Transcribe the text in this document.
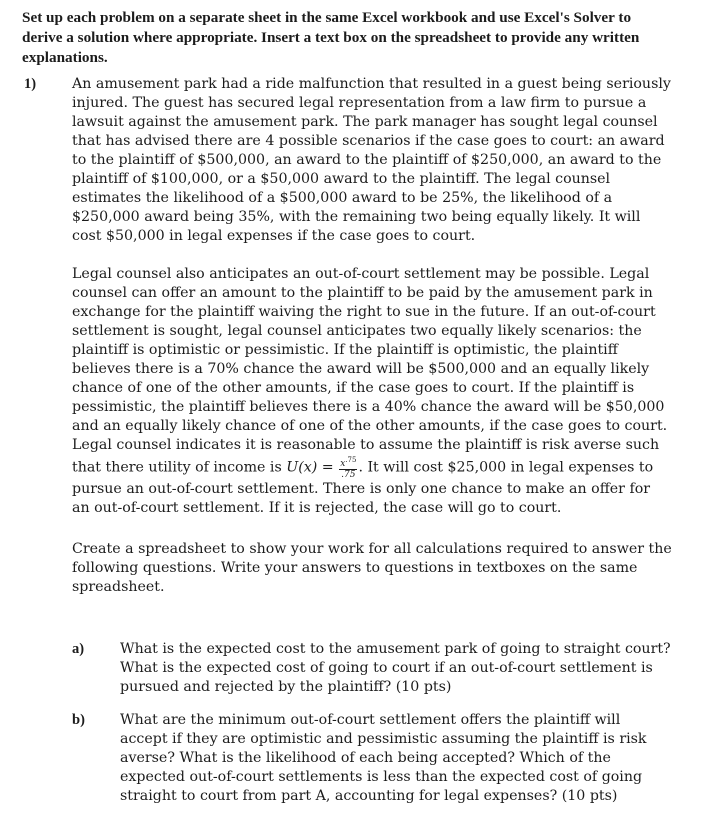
Set up each problem on a separate sheet in the same Excel workbook and use Excel's Solver to derive a solution where appropriate. Insert a text box on the spreadsheet to provide any written explanations.
1)	An amusement park had a ride malfunction that resulted in a guest being seriously injured. The guest has secured legal representation from a law firm to pursue a lawsuit against the amusement park. The park manager has sought legal counsel that has advised there are 4 possible scenarios if the case goes to court: an award to the plaintiff of $500,000, an award to the plaintiff of $250,000, an award to the plaintiff of $100,000, or a $50,000 award to the plaintiff. The legal counsel estimates the likelihood of a $500,000 award to be 25%, the likelihood of a $250,000 award being 35%, with the remaining two being equally likely. It will cost $50,000 in legal expenses if the case goes to court.
Legal counsel also anticipates an out-of-court settlement may be possible. Legal counsel can offer an amount to the plaintiff to be paid by the amusement park in exchange for the plaintiff waiving the right to sue in the future. If an out-of-court settlement is sought, legal counsel anticipates two equally likely scenarios: the plaintiff is optimistic or pessimistic. If the plaintiff is optimistic, the plaintiff believes there is a 70% chance the award will be $500,000 and an equally likely chance of one of the other amounts, if the case goes to court. If the plaintiff is pessimistic, the plaintiff believes there is a 40% chance the award will be $50,000 and an equally likely chance of one of the other amounts, if the case goes to court. Legal counsel indicates it is reasonable to assume the plaintiff is risk averse such that there utility of income is $U(x) = \frac{x^{.75}}{.75}$ . It will cost $25,000 in legal expenses to pursue an out-of-court settlement. There is only one chance to make an offer for an out-of-court settlement. If it is rejected, the case will go to court.
Create a spreadsheet to show your work for all calculations required to answer the following questions. Write your answers to questions in textboxes on the same spreadsheet.
a)	What is the expected cost to the amusement park of going to straight court? What is the expected cost of going to court if an out-of-court settlement is pursued and rejected by the plaintiff? (10 pts)
b) What are the minimum out-of-court settlement offers the plaintiff will accept if they are optimistic and pessimistic assuming the plaintiff is risk averse? What is the likelihood of each being accepted? Which of the expected out-of-court settlements is less than the expected cost of going straight to court from part A, accounting for legal expenses? (10 pts)
